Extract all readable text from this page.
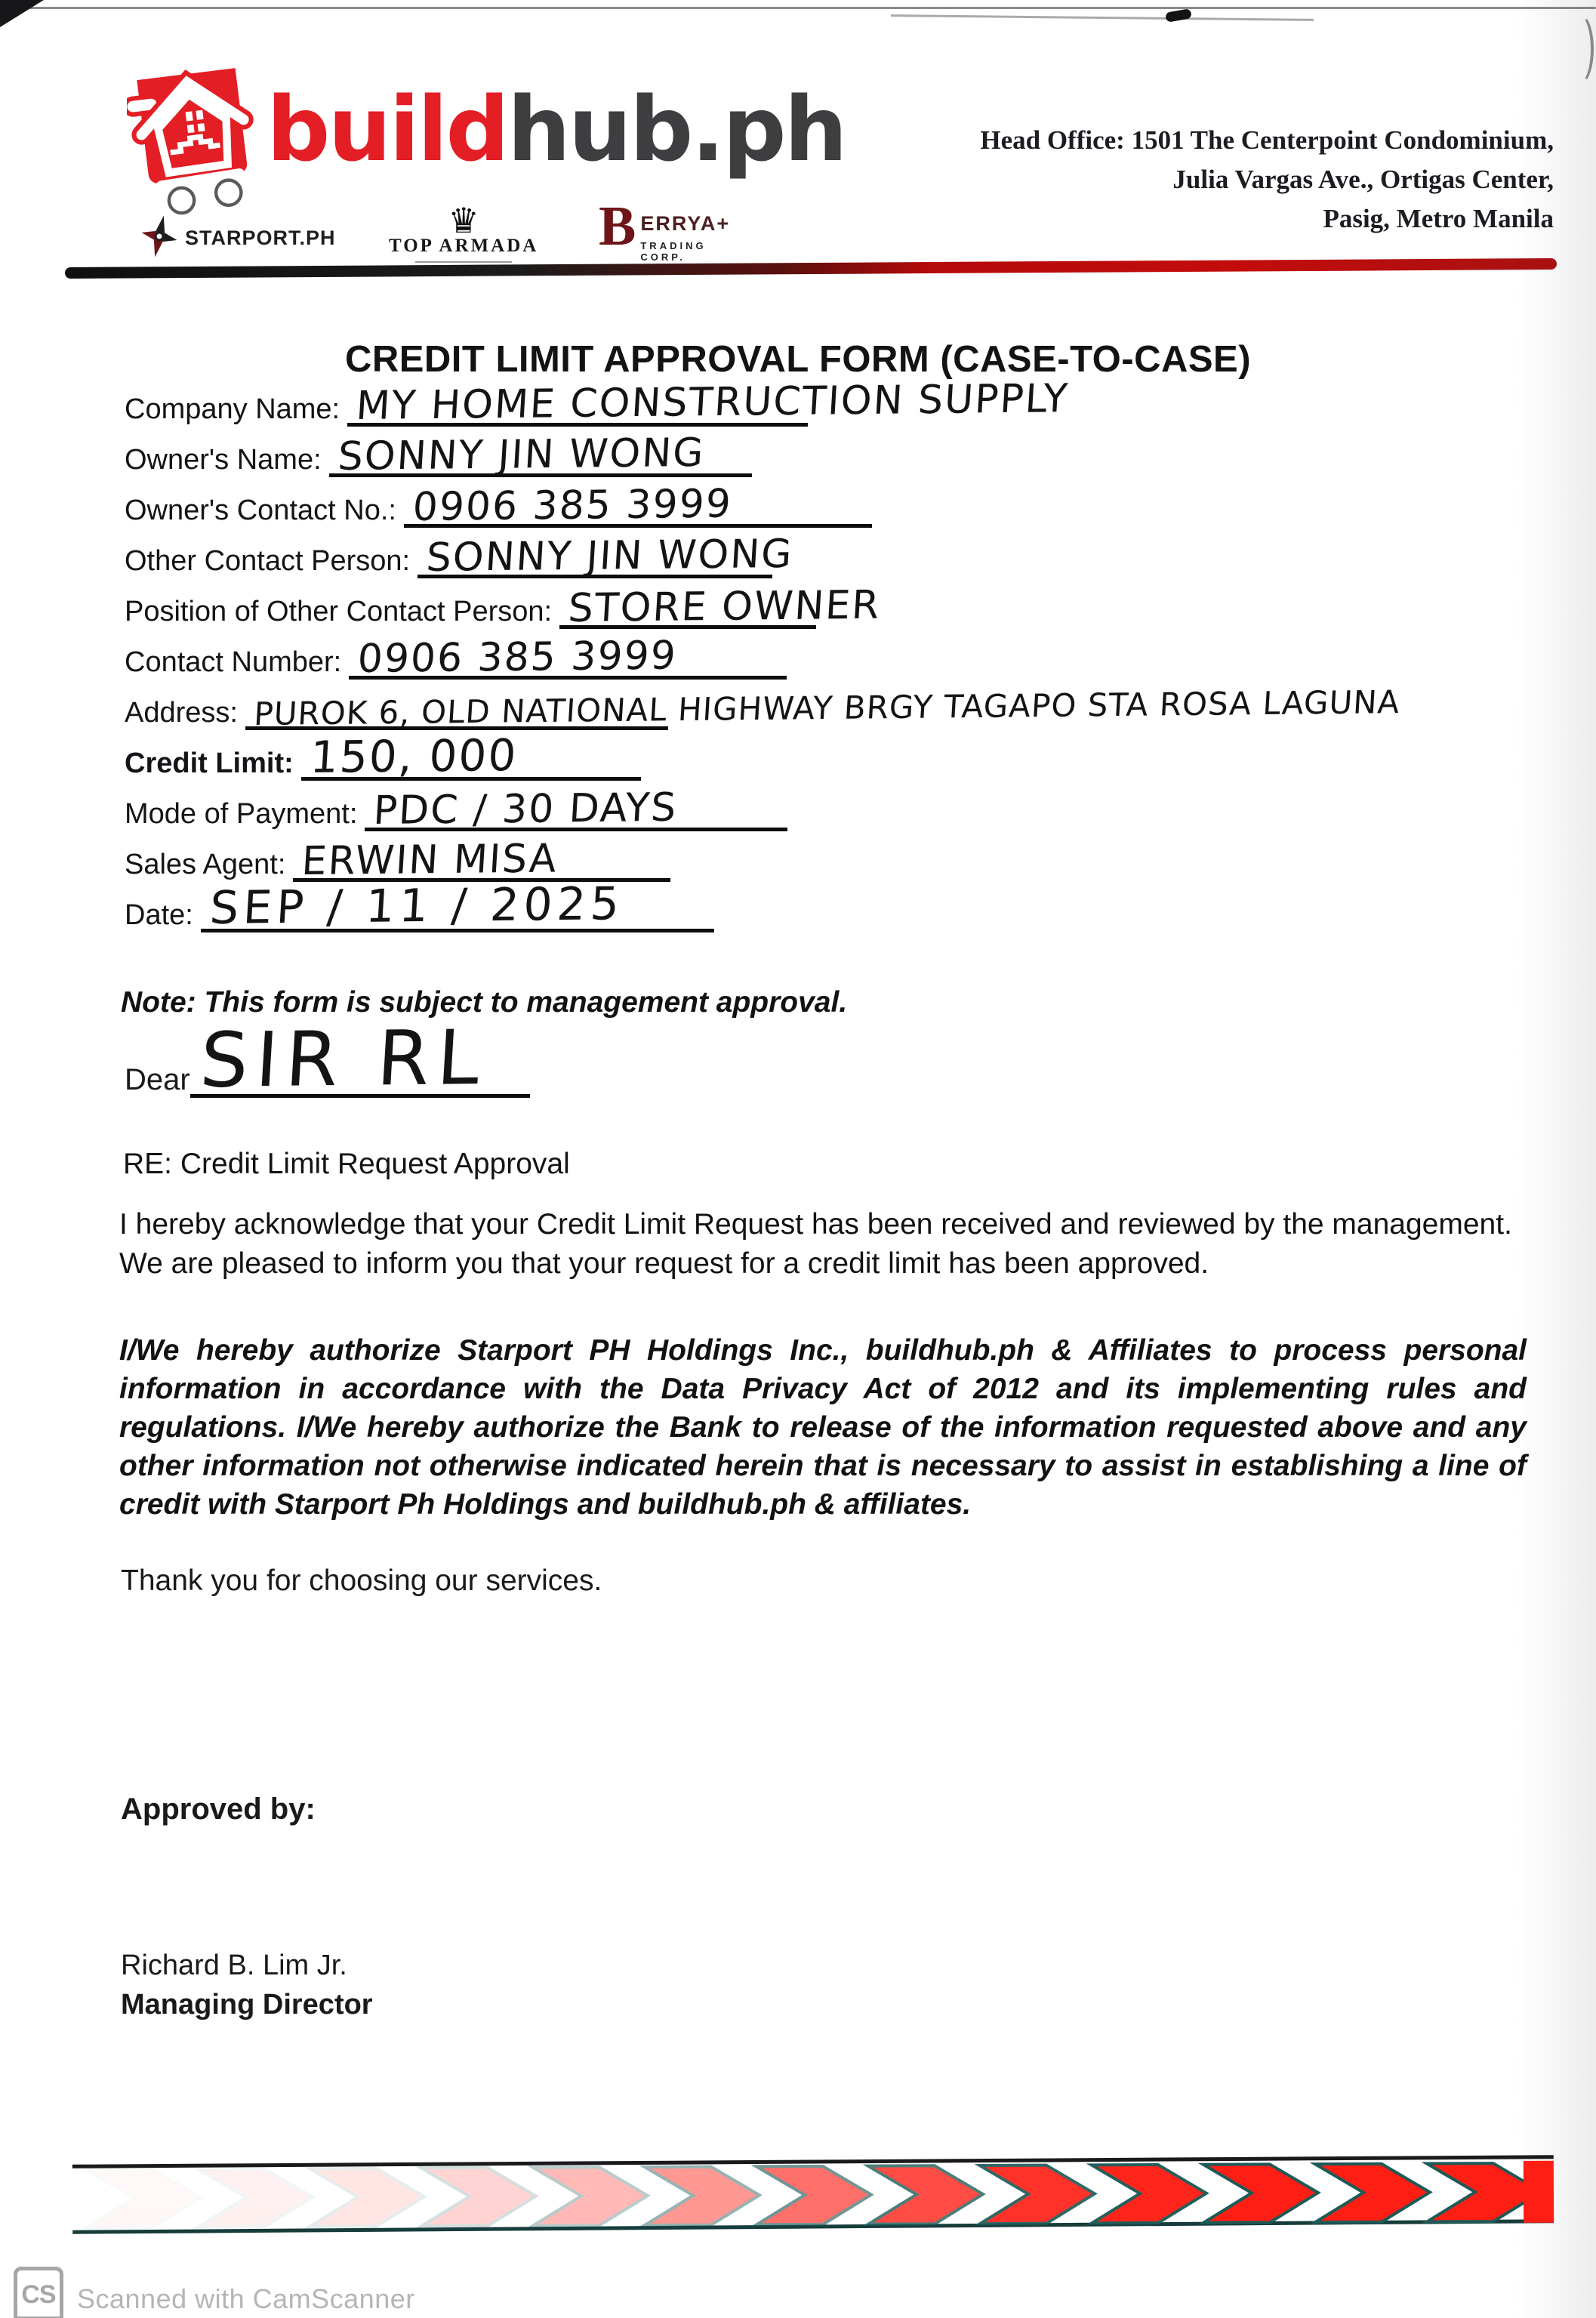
buildhub.ph
STARPORT.PH	♛
TOP ARMADA B ERRYA+
TRADING CORP.
Head Office: 1501 The Centerpoint Condominium,
Julia Vargas Ave., Ortigas Center,
Pasig, Metro Manila
CREDIT LIMIT APPROVAL FORM (CASE-TO-CASE)
Company Name: MY HOME CONSTRUCTION SUPPLY
Owner's Name: SONNY JIN WONG
Owner's Contact No.: 0906 385 3999
Other Contact Person: SONNY JIN WONG
Position of Other Contact Person: STORE OWNER
Contact Number: 0906 385 3999
Address: PUROK 6, OLD NATIONAL HIGHWAY BRGY TAGAPO STA ROSA LAGUNA
Credit Limit: 150, 000
Mode of Payment: PDC / 30 DAYS
Sales Agent: ERWIN MISA
Date: SEP / 11 / 2025
Note: This form is subject to management approval.
Dear SIR RL
RE: Credit Limit Request Approval
I hereby acknowledge that your Credit Limit Request has been received and reviewed by the management. We are pleased to inform you that your request for a credit limit has been approved.
I/We hereby authorize Starport PH Holdings Inc., buildhub.ph & Affiliates to process personal information in accordance with the Data Privacy Act of 2012 and its implementing rules and regulations. I/We hereby authorize the Bank to release of the information requested above and any other information not otherwise indicated herein that is necessary to assist in establishing a line of credit with Starport Ph Holdings and buildhub.ph & affiliates.
Thank you for choosing our services.
Approved by:
Richard B. Lim Jr.
Managing Director
CS Scanned with CamScanner
